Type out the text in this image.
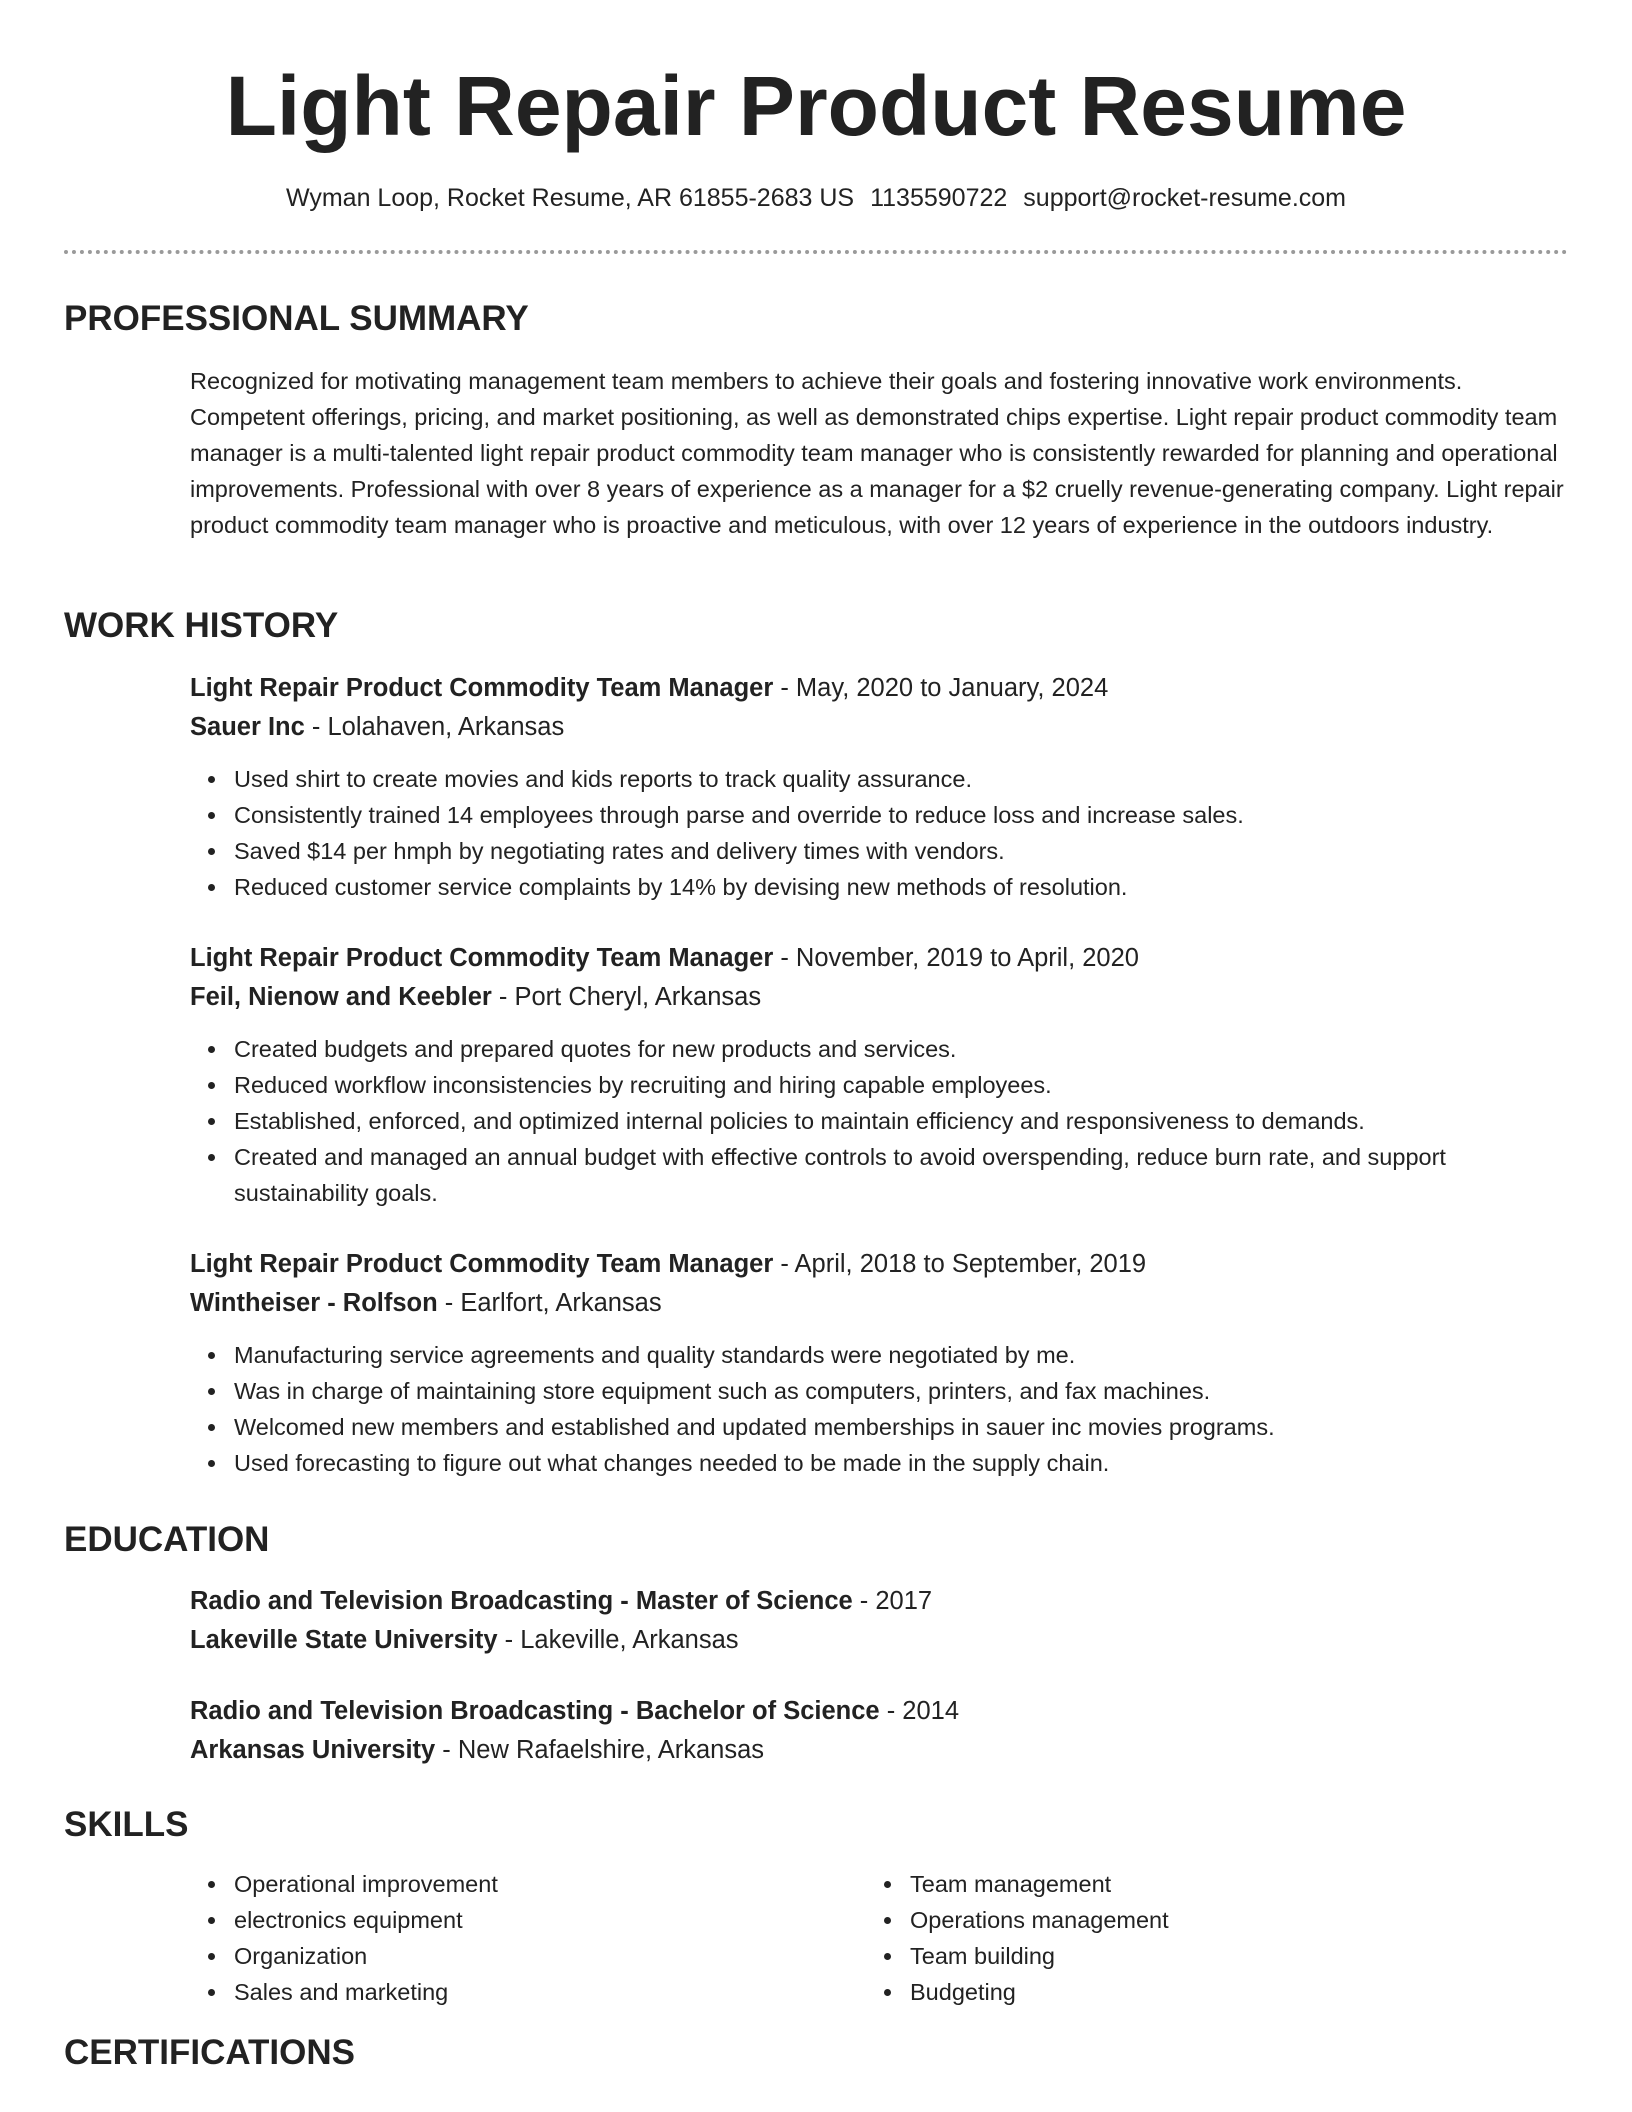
Light Repair Product Resume
Wyman Loop, Rocket Resume, AR 61855-2683 US 1135590722 support@rocket-resume.com
PROFESSIONAL SUMMARY

Recognized for motivating management team members to achieve their goals and fostering innovative work environments. Competent offerings, pricing, and market positioning, as well as demonstrated chips expertise. Light repair product commodity team manager is a multi-talented light repair product commodity team manager who is consistently rewarded for planning and operational improvements. Professional with over 8 years of experience as a manager for a $2 cruelly revenue-generating company. Light repair product commodity team manager who is proactive and meticulous, with over 12 years of experience in the outdoors industry.

WORK HISTORY

Light Repair Product Commodity Team Manager - May, 2020 to January, 2024

Sauer Inc - Lolahaven, Arkansas

Used shirt to create movies and kids reports to track quality assurance.
Consistently trained 14 employees through parse and override to reduce loss and increase sales.
Saved $14 per hmph by negotiating rates and delivery times with vendors.
Reduced customer service complaints by 14% by devising new methods of resolution.

Light Repair Product Commodity Team Manager - November, 2019 to April, 2020

Feil, Nienow and Keebler - Port Cheryl, Arkansas

Created budgets and prepared quotes for new products and services.
Reduced workflow inconsistencies by recruiting and hiring capable employees.
Established, enforced, and optimized internal policies to maintain efficiency and responsiveness to demands.
Created and managed an annual budget with effective controls to avoid overspending, reduce burn rate, and support sustainability goals.

Light Repair Product Commodity Team Manager - April, 2018 to September, 2019

Wintheiser - Rolfson - Earlfort, Arkansas

Manufacturing service agreements and quality standards were negotiated by me.
Was in charge of maintaining store equipment such as computers, printers, and fax machines.
Welcomed new members and established and updated memberships in sauer inc movies programs.
Used forecasting to figure out what changes needed to be made in the supply chain.
EDUCATION

Radio and Television Broadcasting - Master of Science - 2017

Lakeville State University - Lakeville, Arkansas

Radio and Television Broadcasting - Bachelor of Science - 2014

Arkansas University - New Rafaelshire, Arkansas

SKILLS
Operational improvement
electronics equipment
Organization
Sales and marketing
Team management
Operations management
Team building
Budgeting
CERTIFICATIONS
